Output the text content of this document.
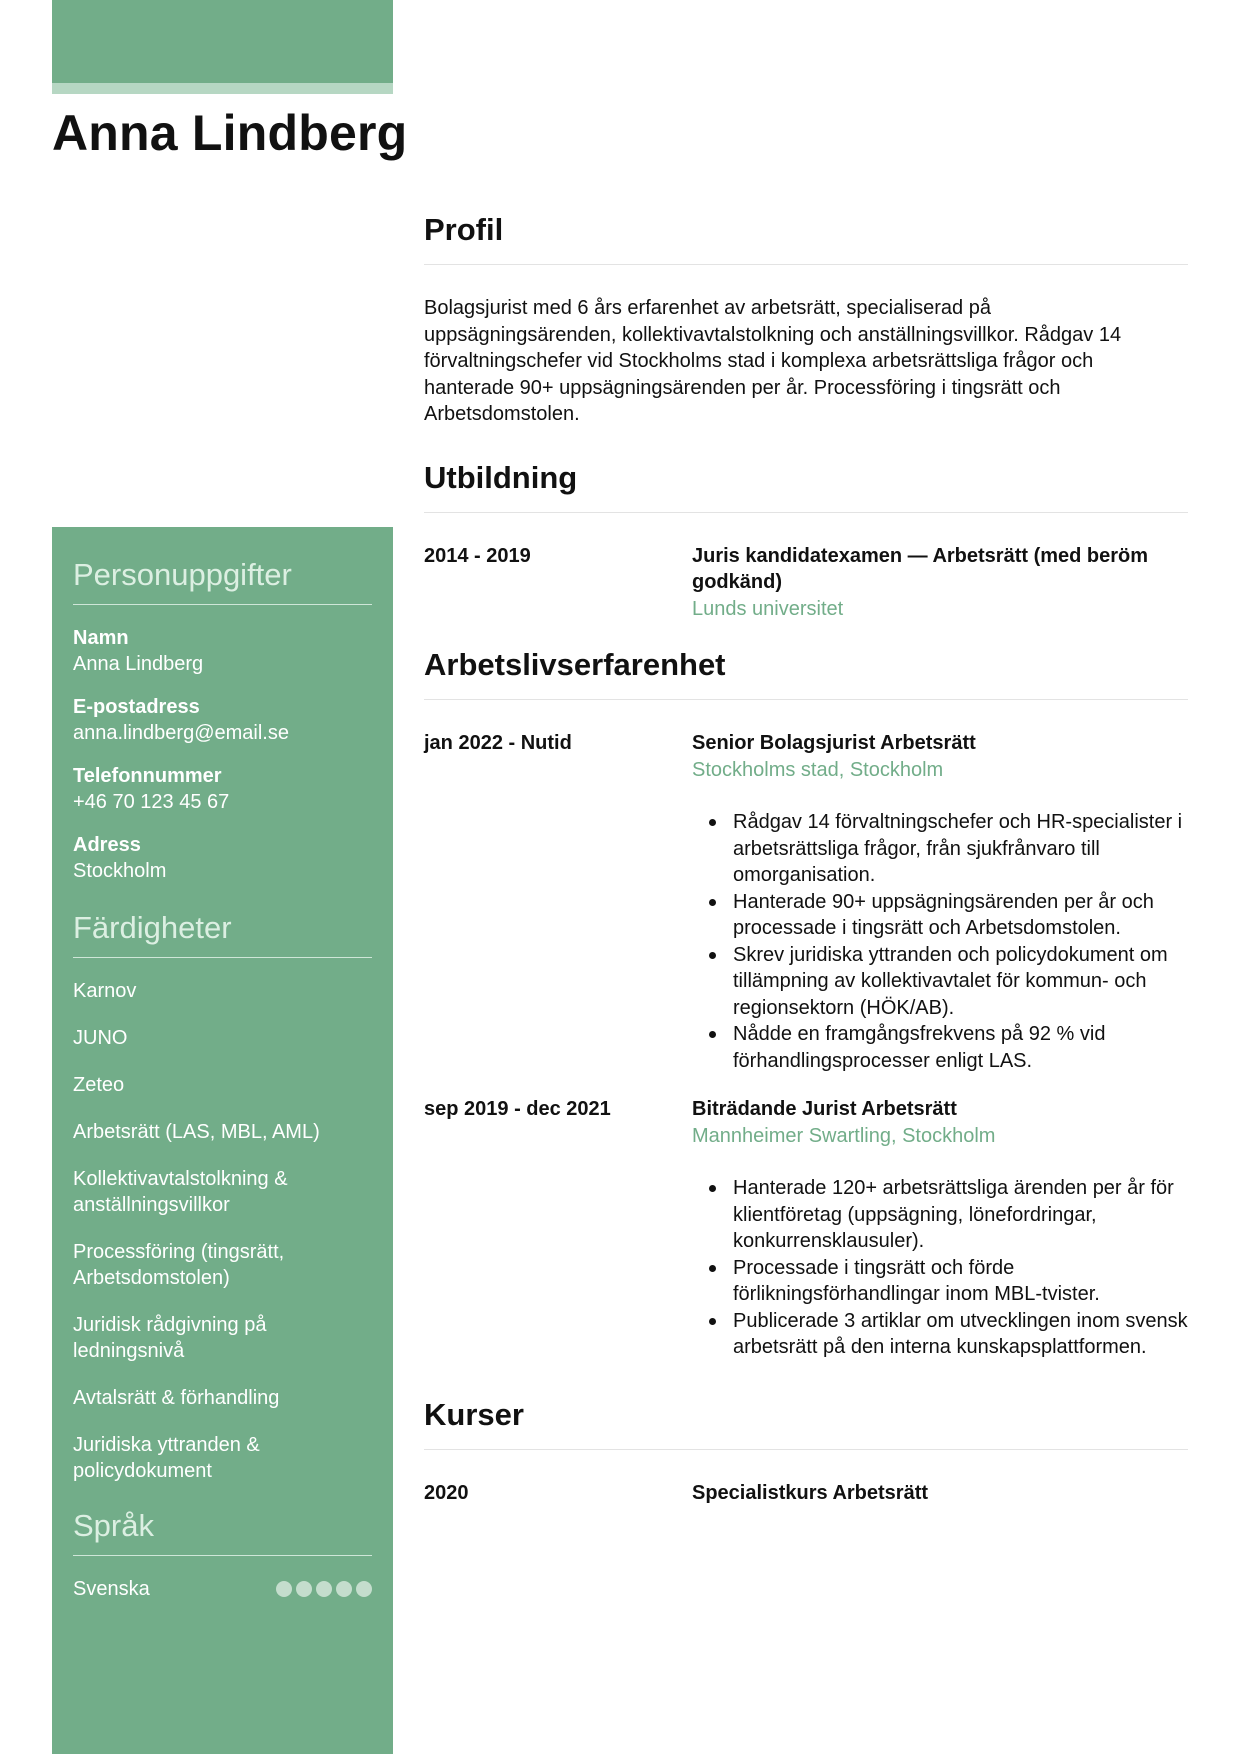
Anna Lindberg
Personuppgifter
Namn
Anna Lindberg
E-postadress
anna.lindberg@email.se
Telefonnummer
+46 70 123 45 67
Adress
Stockholm
Färdigheter
Karnov
JUNO
Zeteo
Arbetsrätt (LAS, MBL, AML)
Kollektivavtalstolkning & anställningsvillkor
Processföring (tingsrätt, Arbetsdomstolen)
Juridisk rådgivning på ledningsnivå
Avtalsrätt & förhandling
Juridiska yttranden & policydokument
Språk
Svenska
Profil

Bolagsjurist med 6 års erfarenhet av arbetsrätt, specialiserad på uppsägningsärenden, kollektivavtalstolkning och anställningsvillkor. Rådgav 14 förvaltningschefer vid Stockholms stad i komplexa arbetsrättsliga frågor och hanterade 90+ uppsägningsärenden per år. Processföring i tingsrätt och Arbetsdomstolen.

Utbildning
2014 - 2019	Juris kandidatexamen — Arbetsrätt (med beröm godkänd)
Lunds universitet
Arbetslivserfarenhet
jan 2022 - Nutid	Senior Bolagsjurist Arbetsrätt
Stockholms stad, Stockholm
Rådgav 14 förvaltningschefer och HR-specialister i arbetsrättsliga frågor, från sjukfrånvaro till omorganisation.
Hanterade 90+ uppsägningsärenden per år och processade i tingsrätt och Arbetsdomstolen.
Skrev juridiska yttranden och policydokument om tillämpning av kollektivavtalet för kommun- och regionsektorn (HÖK/AB).
Nådde en framgångsfrekvens på 92 % vid förhandlingsprocesser enligt LAS.
sep 2019 - dec 2021	Biträdande Jurist Arbetsrätt
Mannheimer Swartling, Stockholm
Hanterade 120+ arbetsrättsliga ärenden per år för klientföretag (uppsägning, lönefordringar, konkurrensklausuler).
Processade i tingsrätt och förde förlikningsförhandlingar inom MBL-tvister.
Publicerade 3 artiklar om utvecklingen inom svensk arbetsrätt på den interna kunskapsplattformen.
Kurser
2020	Specialistkurs Arbetsrätt
